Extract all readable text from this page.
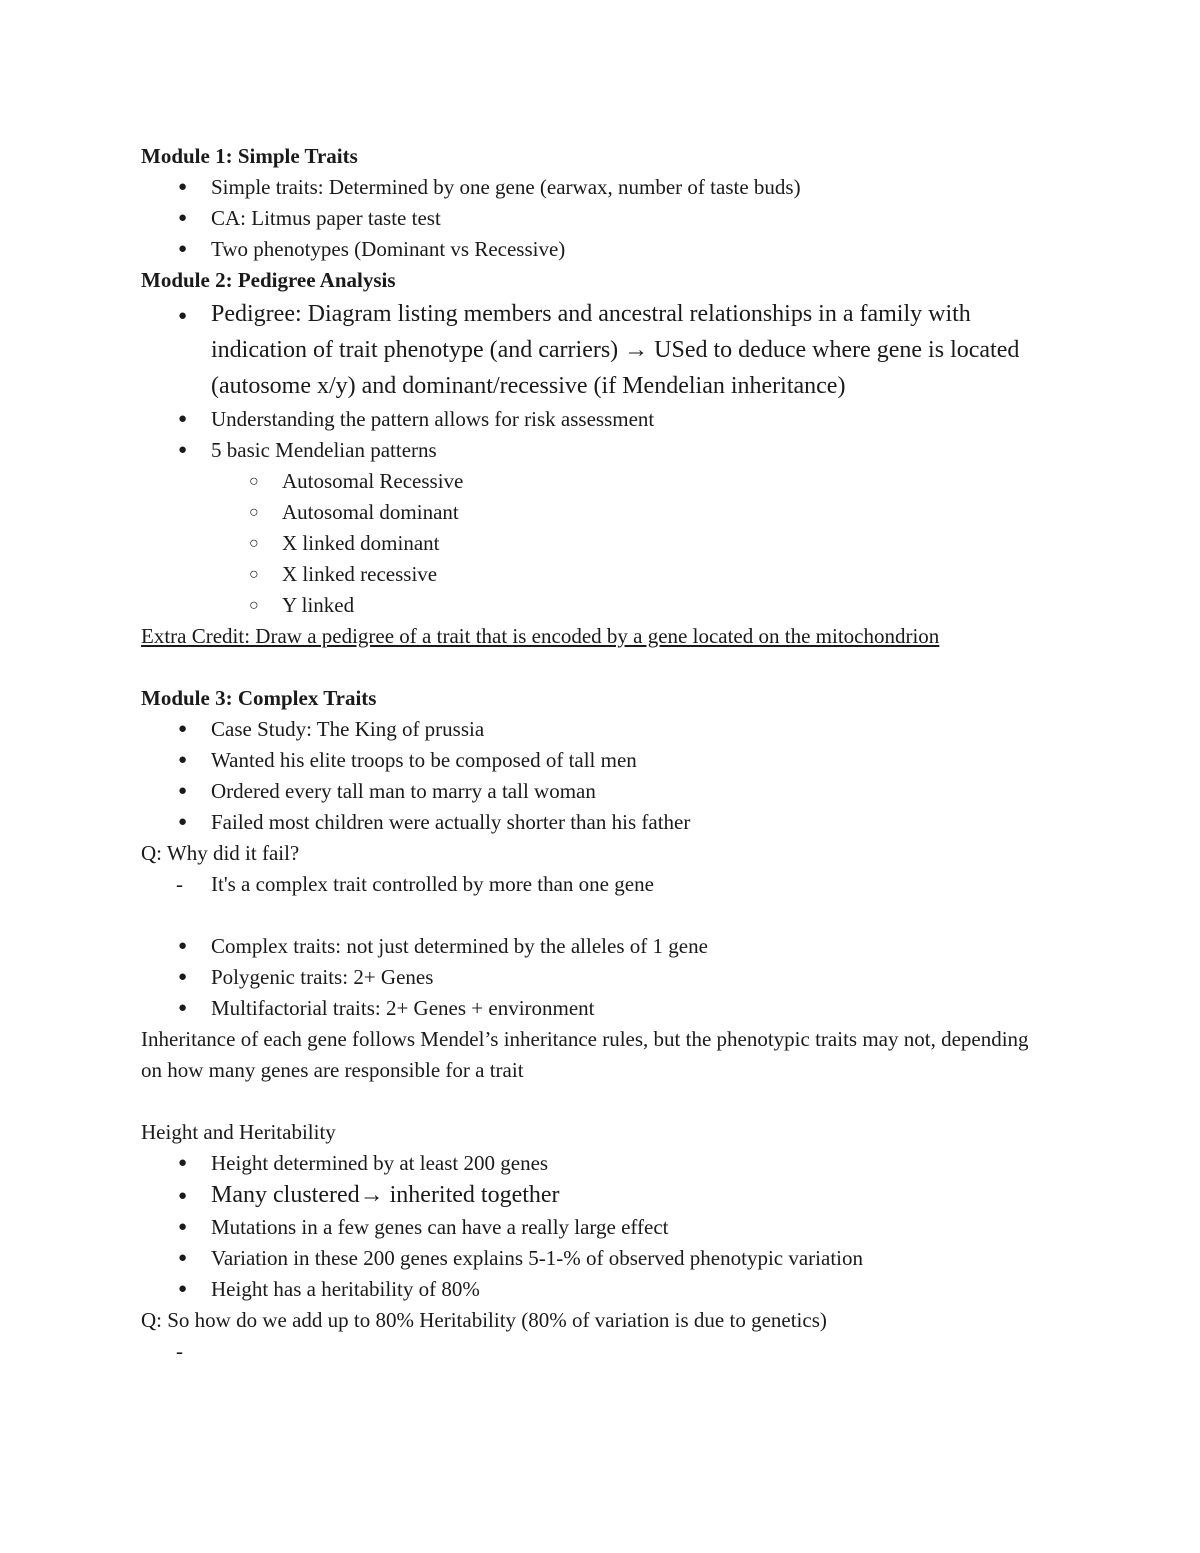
Module 1: Simple Traits
● Simple traits: Determined by one gene (earwax, number of taste buds)
● CA: Litmus paper taste test
● Two phenotypes (Dominant vs Recessive)
Module 2: Pedigree Analysis
● Pedigree: Diagram listing members and ancestral relationships in a family with indication of trait phenotype (and carriers) → USed to deduce where gene is located (autosome x/y) and dominant/recessive (if Mendelian inheritance)
● Understanding the pattern allows for risk assessment
● 5 basic Mendelian patterns
○ Autosomal Recessive
○ Autosomal dominant
○ X linked dominant
○ X linked recessive
○ Y linked
Extra Credit: Draw a pedigree of a trait that is encoded by a gene located on the mitochondrion
Module 3: Complex Traits
● Case Study: The King of prussia
● Wanted his elite troops to be composed of tall men
● Ordered every tall man to marry a tall woman
● Failed most children were actually shorter than his father
Q: Why did it fail?
- It's a complex trait controlled by more than one gene
● Complex traits: not just determined by the alleles of 1 gene
● Polygenic traits: 2+ Genes
● Multifactorial traits: 2+ Genes + environment
Inheritance of each gene follows Mendel’s inheritance rules, but the phenotypic traits may not, depending on how many genes are responsible for a trait
Height and Heritability
● Height determined by at least 200 genes
● Many clustered→ inherited together
● Mutations in a few genes can have a really large effect
● Variation in these 200 genes explains 5-1-% of observed phenotypic variation
● Height has a heritability of 80%
Q: So how do we add up to 80% Heritability (80% of variation is due to genetics)
-
